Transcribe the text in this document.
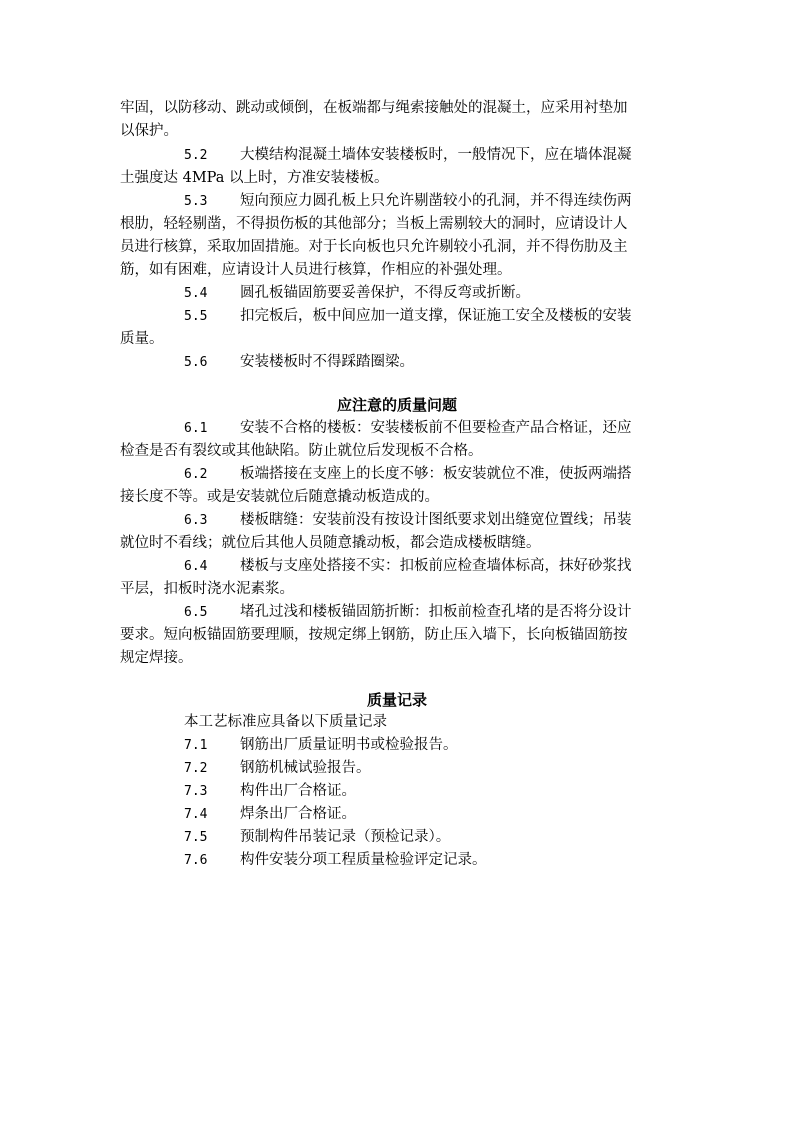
牢固，以防移动、跳动或倾倒，在板端都与绳索接触处的混凝土，应采用衬垫加
以保护。
5.2 大模结构混凝土墙体安装楼板时，一般情况下，应在墙体混凝
土强度达 4MPa 以上时，方准安装楼板。
5.3 短向预应力圆孔板上只允许剔凿较小的孔洞，并不得连续伤两
根肋，轻轻剔凿，不得损伤板的其他部分；当板上需剔较大的洞时，应请设计人
员进行核算，采取加固措施。对于长向板也只允许剔较小孔洞，并不得伤肋及主
筋，如有困难，应请设计人员进行核算，作相应的补强处理。
5.4 圆孔板锚固筋要妥善保护，不得反弯或折断。
5.5 扣完板后，板中间应加一道支撑，保证施工安全及楼板的安装
质量。
5.6 安装楼板时不得踩踏圈梁。
应注意的质量问题
6.1 安装不合格的楼板：安装楼板前不但要检查产品合格证，还应
检查是否有裂纹或其他缺陷。防止就位后发现板不合格。
6.2 板端搭接在支座上的长度不够：板安装就位不准，使扳两端搭
接长度不等。或是安装就位后随意撬动板造成的。
6.3 楼板瞎缝：安装前没有按设计图纸要求划出缝宽位置线；吊装
就位时不看线；就位后其他人员随意撬动板，都会造成楼板瞎缝。
6.4 楼板与支座处搭接不实：扣板前应检查墙体标高，抹好砂浆找
平层，扣板时浇水泥素浆。
6.5 堵孔过浅和楼板锚固筋折断：扣板前检查孔堵的是否将分设计
要求。短向板锚固筋要理顺，按规定绑上钢筋，防止压入墙下，长向板锚固筋按
规定焊接。
质量记录
本工艺标准应具备以下质量记录
7.1 钢筋出厂质量证明书或检验报告。
7.2 钢筋机械试验报告。
7.3 构件出厂合格证。
7.4 焊条出厂合格证。
7.5 预制构件吊装记录（预检记录）。
7.6 构件安装分项工程质量检验评定记录。
